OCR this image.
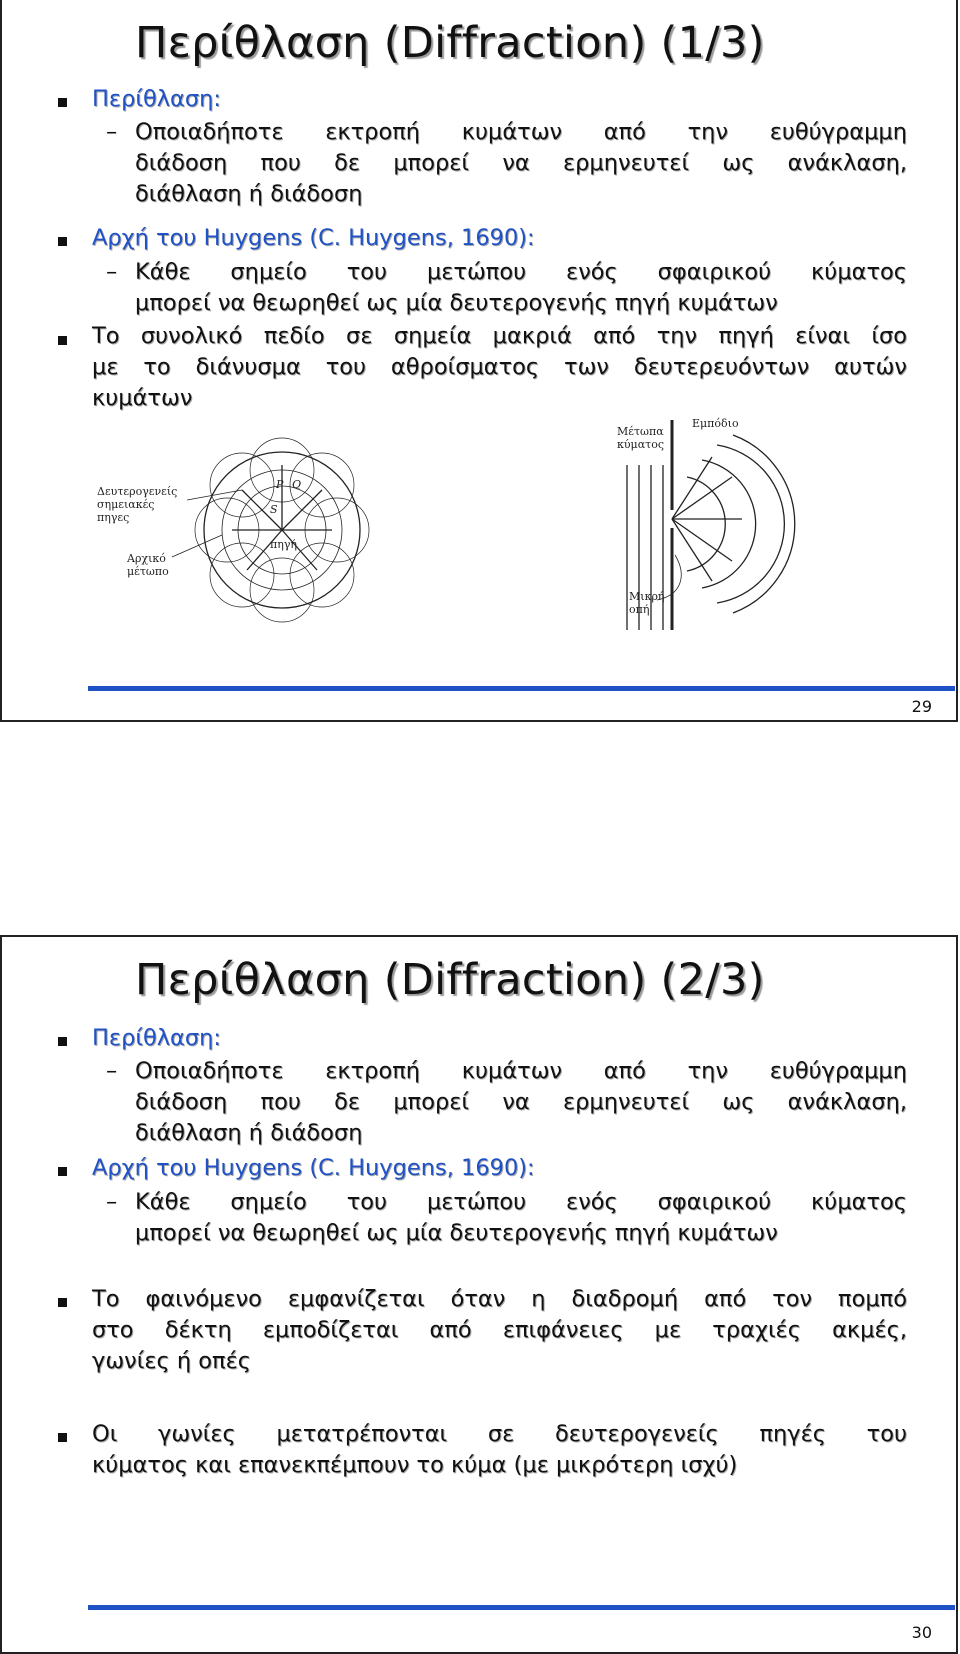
Περίθλαση (Diffraction) (1/3)
Περίθλαση:
– Οποιαδήποτε εκτροπή κυμάτων από την ευθύγραμμη
διάδοση που δε μπορεί να ερμηνευτεί ως ανάκλαση,
διάθλαση ή διάδοση
Αρχή του Huygens (C. Huygens, 1690):
– Κάθε σημείο του μετώπου ενός σφαιρικού κύματος
μπορεί να θεωρηθεί ως μία δευτερογενής πηγή κυμάτων
Το συνολικό πεδίο σε σημεία μακριά από την πηγή είναι ίσο
με το διάνυσμα του αθροίσματος των δευτερευόντων αυτών
κυμάτων
Δευτερογενείς
σημειακές
πηγες
Αρχικό
μέτωπο
πηγή
P Q
S
Μέτωπα
κύματος
Εμπόδιο
Μικρή
οπή
29
Περίθλαση (Diffraction) (2/3)
Περίθλαση:
– Οποιαδήποτε εκτροπή κυμάτων από την ευθύγραμμη
διάδοση που δε μπορεί να ερμηνευτεί ως ανάκλαση,
διάθλαση ή διάδοση
Αρχή του Huygens (C. Huygens, 1690):
– Κάθε σημείο του μετώπου ενός σφαιρικού κύματος
μπορεί να θεωρηθεί ως μία δευτερογενής πηγή κυμάτων
Το φαινόμενο εμφανίζεται όταν η διαδρομή από τον πομπό
στο δέκτη εμποδίζεται από επιφάνειες με τραχιές ακμές,
γωνίες ή οπές
Οι γωνίες μετατρέπονται σε δευτερογενείς πηγές του
κύματος και επανεκπέμπουν το κύμα (με μικρότερη ισχύ)
30
